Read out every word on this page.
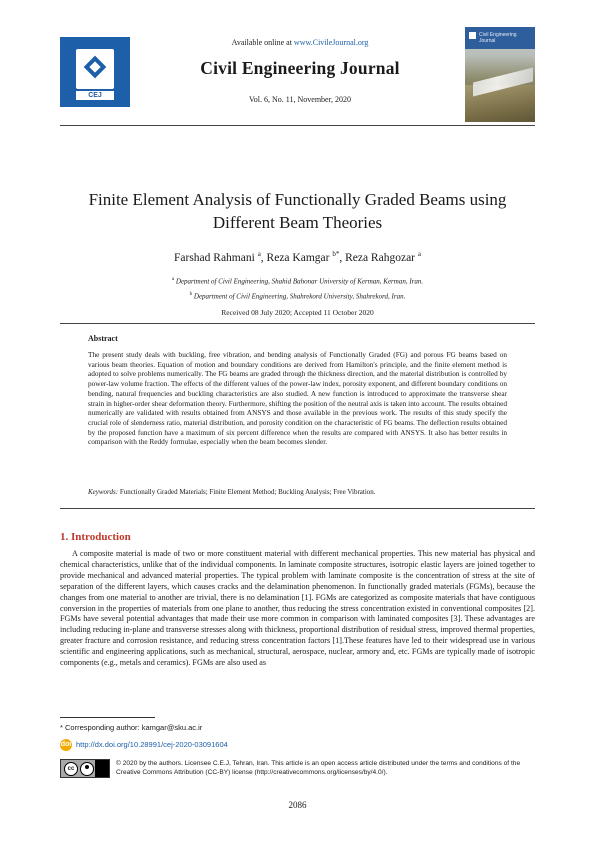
CEJ
Available online at www.CivileJournal.org
Civil Engineering Journal
Vol. 6, No. 11, November, 2020
Civil Engineering Journal
Finite Element Analysis of Functionally Graded Beams using Different Beam Theories
Farshad Rahmani $^a$, Reza Kamgar $^{b*}$, Reza Rahgozar $^a$
$^a$ Department of Civil Engineering, Shahid Bahonar University of Kerman, Kerman, Iran.
$^b$ Department of Civil Engineering, Shahrekord University, Shahrekord, Iran.
Received 08 July 2020; Accepted 11 October 2020
Abstract
The present study deals with buckling, free vibration, and bending analysis of Functionally Graded (FG) and porous FG beams based on various beam theories. Equation of motion and boundary conditions are derived from Hamilton's principle, and the finite element method is adopted to solve problems numerically. The FG beams are graded through the thickness direction, and the material distribution is controlled by power-law volume fraction. The effects of the different values of the power-law index, porosity exponent, and different boundary conditions on bending, natural frequencies and buckling characteristics are also studied. A new function is introduced to approximate the transverse shear strain in higher-order shear deformation theory. Furthermore, shifting the position of the neutral axis is taken into account. The results obtained numerically are validated with results obtained from ANSYS and those available in the previous work. The results of this study specify the crucial role of slenderness ratio, material distribution, and porosity condition on the characteristic of FG beams. The deflection results obtained by the proposed function have a maximum of six percent difference when the results are compared with ANSYS. It also has better results in comparison with the Reddy formulae, especially when the beam becomes slender.
Keywords: Functionally Graded Materials; Finite Element Method; Buckling Analysis; Free Vibration.
1. Introduction
A composite material is made of two or more constituent material with different mechanical properties. This new material has physical and chemical characteristics, unlike that of the individual components. In laminate composite structures, isotropic elastic layers are joined together to provide mechanical and advanced material properties. The typical problem with laminate composite is the concentration of stress at the site of separation of the different layers, which causes cracks and the delamination phenomenon. In functionally graded materials (FGMs), because the changes from one material to another are trivial, there is no delamination [1]. FGMs are categorized as composite materials that have contiguous conversion in the properties of materials from one plane to another, thus reducing the stress concentration existed in conventional composites [2]. FGMs have several potential advantages that made their use more common in comparison with laminated composites [3]. These advantages are including reducing in-plane and transverse stresses along with thickness, proportional distribution of residual stress, improved thermal properties, greater fracture and corrosion resistance, and reducing stress concentration factors [1].These features have led to their widespread use in various scientific and engineering applications, such as mechanical, structural, aerospace, nuclear, armory and, etc. FGMs are typically made of isotropic components (e.g., metals and ceramics). FGMs are also used as
* Corresponding author: kamgar@sku.ac.ir
doi http://dx.doi.org/10.28991/cej-2020-03091604
cc
© 2020 by the authors. Licensee C.E.J, Tehran, Iran. This article is an open access article distributed under the terms and conditions of the Creative Commons Attribution (CC-BY) license (http://creativecommons.org/licenses/by/4.0/).
2086
